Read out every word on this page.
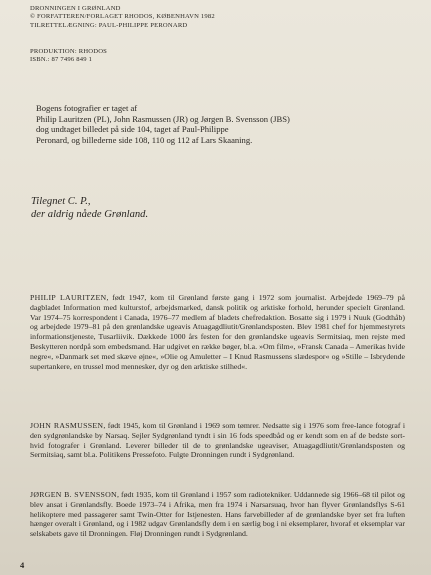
DRONNINGEN I GRØNLAND
© FORFATTEREN/FORLAGET RHODOS, KØBENHAVN 1982
TILRETTELÆGNING: PAUL-PHILIPPE PERONARD
PRODUKTION: RHODOS
ISBN.: 87 7496 849 1
Bogens fotografier er taget af
Philip Lauritzen (PL), John Rasmussen (JR) og Jørgen B. Svensson (JBS)
dog undtaget billedet på side 104, taget af Paul-Philippe
Peronard, og billederne side 108, 110 og 112 af Lars Skaaning.
Tilegnet C. P.,
der aldrig nåede Grønland.

PHILIP LAURITZEN, født 1947, kom til Grønland første gang i 1972 som journalist. Arbejdede 1969–79 på dagbladet Information med kulturstof, arbejdsmarked, dansk politik og arktiske forhold, herunder specielt Grønland. Var 1974–75 korrespondent i Canada, 1976–77 medlem af bladets chefredaktion. Bosatte sig i 1979 i Nuuk (Godthåb) og arbejdede 1979–81 på den grønlandske ugeavis Atuagagdliutit/Grønlandsposten. Blev 1981 chef for hjemmestyrets informationstjeneste, Tusarliivik. Dækkede 1000 års festen for den grønlandske ugeavis Sermitsiaq, men rejste med Beskytteren nordpå som embedsmand. Har udgivet en række bøger, bl.a. »Om film«, »Fransk Canada – Amerikas hvide negre«, »Danmark set med skæve øjne«, »Olie og Amuletter – I Knud Rasmussens slædespor« og »Stille – Isbrydende supertankere, en trussel mod mennesker, dyr og den arktiske stilhed«.

JOHN RASMUSSEN, født 1945, kom til Grønland i 1969 som tømrer. Nedsatte sig i 1976 som free-lance fotograf i den sydgrønlandske by Narsaq. Sejler Sydgrønland tyndt i sin 16 fods speedbåd og er kendt som en af de bedste sort-hvid fotografer i Grønland. Leverer billeder til de to grønlandske ugeaviser, Atuagagdliutit/Grønlandsposten og Sermitsiaq, samt bl.a. Politikens Pressefoto. Fulgte Dronningen rundt i Sydgrønland.

JØRGEN B. SVENSSON, født 1935, kom til Grønland i 1957 som radiotekniker. Uddannede sig 1966–68 til pilot og blev ansat i Grønlandsfly. Boede 1973–74 i Afrika, men fra 1974 i Narsarsuaq, hvor han flyver Grønlandsflys S-61 helikoptere med passagerer samt Twin-Otter for Istjenesten. Hans farvebilleder af de grønlandske byer set fra luften hænger overalt i Grønland, og i 1982 udgav Grønlandsfly dem i en særlig bog i ni eksemplarer, hvoraf et eksemplar var selskabets gave til Dronningen. Fløj Dronningen rundt i Sydgrønland.

4
